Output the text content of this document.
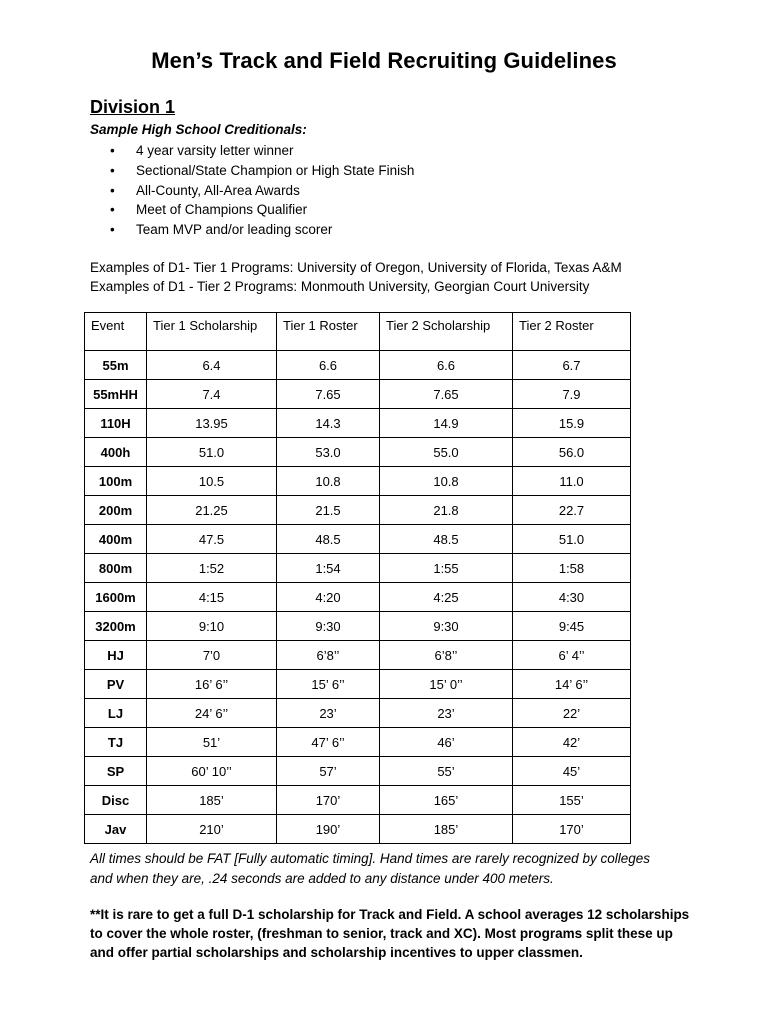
Men’s Track and Field Recruiting Guidelines
Division 1
Sample High School Creditionals:
• 4 year varsity letter winner
• Sectional/State Champion or High State Finish
• All-County, All-Area Awards
• Meet of Champions Qualifier
• Team MVP and/or leading scorer
Examples of D1- Tier 1 Programs: University of Oregon, University of Florida, Texas A&M
Examples of D1 - Tier 2 Programs: Monmouth University, Georgian Court University
Event	Tier 1 Scholarship	Tier 1 Roster	Tier 2 Scholarship	Tier 2 Roster
55m	6.4	6.6	6.6	6.7
55mHH	7.4	7.65	7.65	7.9
110H	13.95	14.3	14.9	15.9
400h	51.0	53.0	55.0	56.0
100m	10.5	10.8	10.8	11.0
200m	21.25	21.5	21.8	22.7
400m	47.5	48.5	48.5	51.0
800m	1:52	1:54	1:55	1:58
1600m	4:15	4:20	4:25	4:30
3200m	9:10	9:30	9:30	9:45
HJ	7’0	6’8’’	6’8’’	6’ 4’’
PV	16’ 6’’	15’ 6’’	15’ 0’’	14’ 6’’
LJ	24’ 6’’	23’	23’	22’
TJ	51’	47’ 6’’	46’	42’
SP	60’ 10’’	57’	55’	45’
Disc	185’	170’	165’	155’
Jav	210’	190’	185’	170’
All times should be FAT [Fully automatic timing]. Hand times are rarely recognized by colleges
and when they are, .24 seconds are added to any distance under 400 meters.
**It is rare to get a full D-1 scholarship for Track and Field. A school averages 12 scholarships
to cover the whole roster, (freshman to senior, track and XC). Most programs split these up
and offer partial scholarships and scholarship incentives to upper classmen.
